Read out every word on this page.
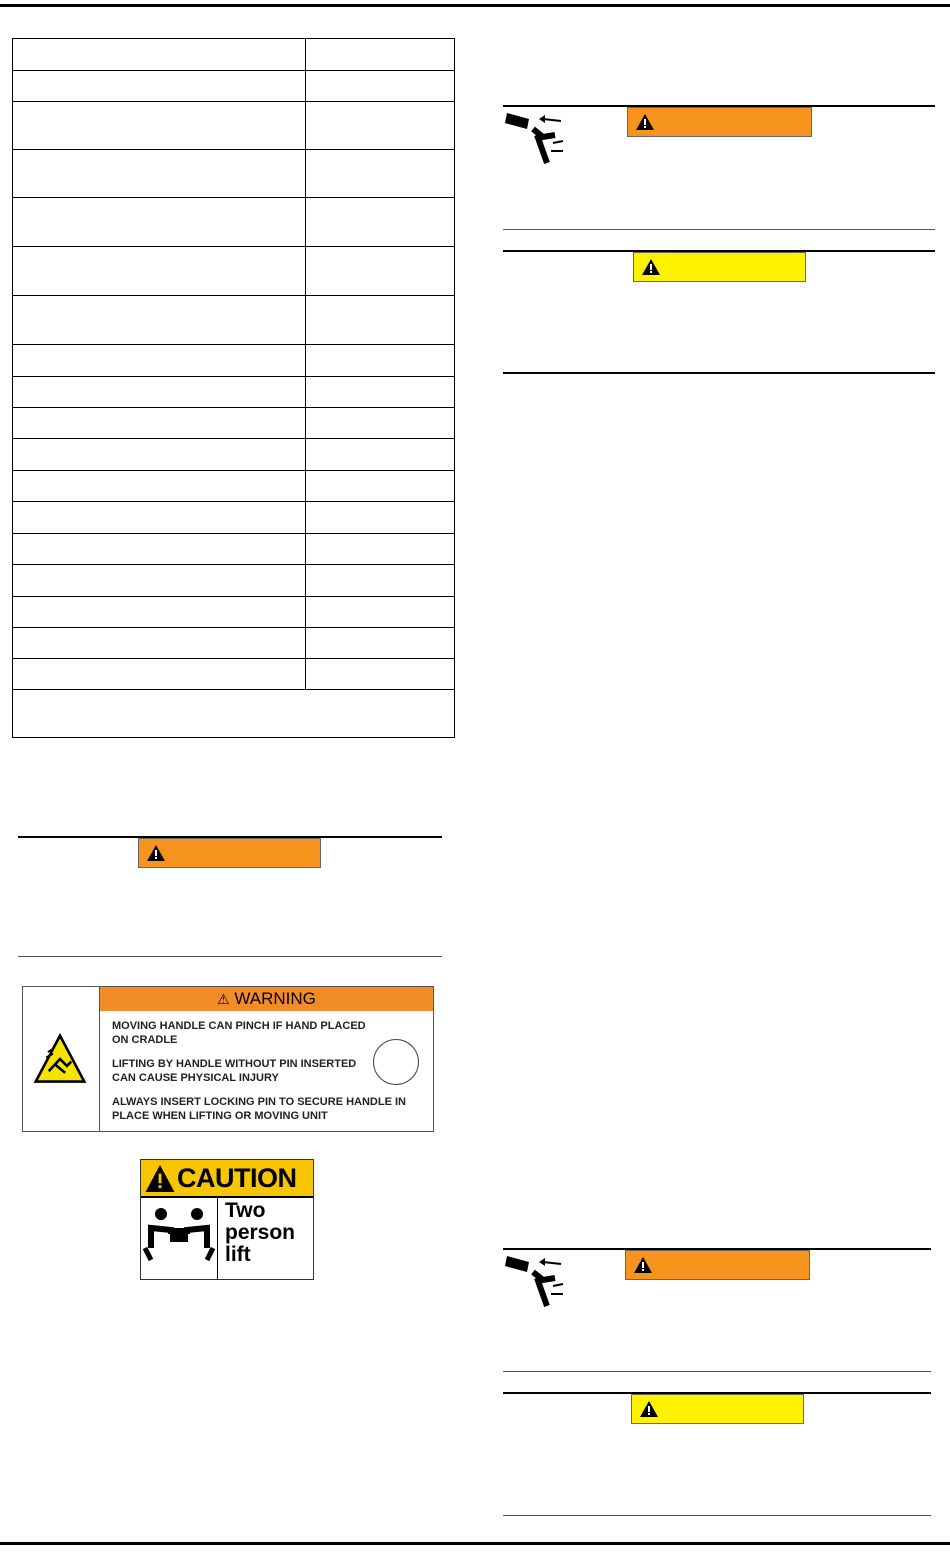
⚠ WARNING
MOVING HANDLE CAN PINCH IF HAND PLACED ON CRADLE
LIFTING BY HANDLE WITHOUT PIN INSERTED CAN CAUSE PHYSICAL INJURY
ALWAYS INSERT LOCKING PIN TO SECURE HANDLE IN PLACE WHEN LIFTING OR MOVING UNIT
CAUTION
Two
person
lift
